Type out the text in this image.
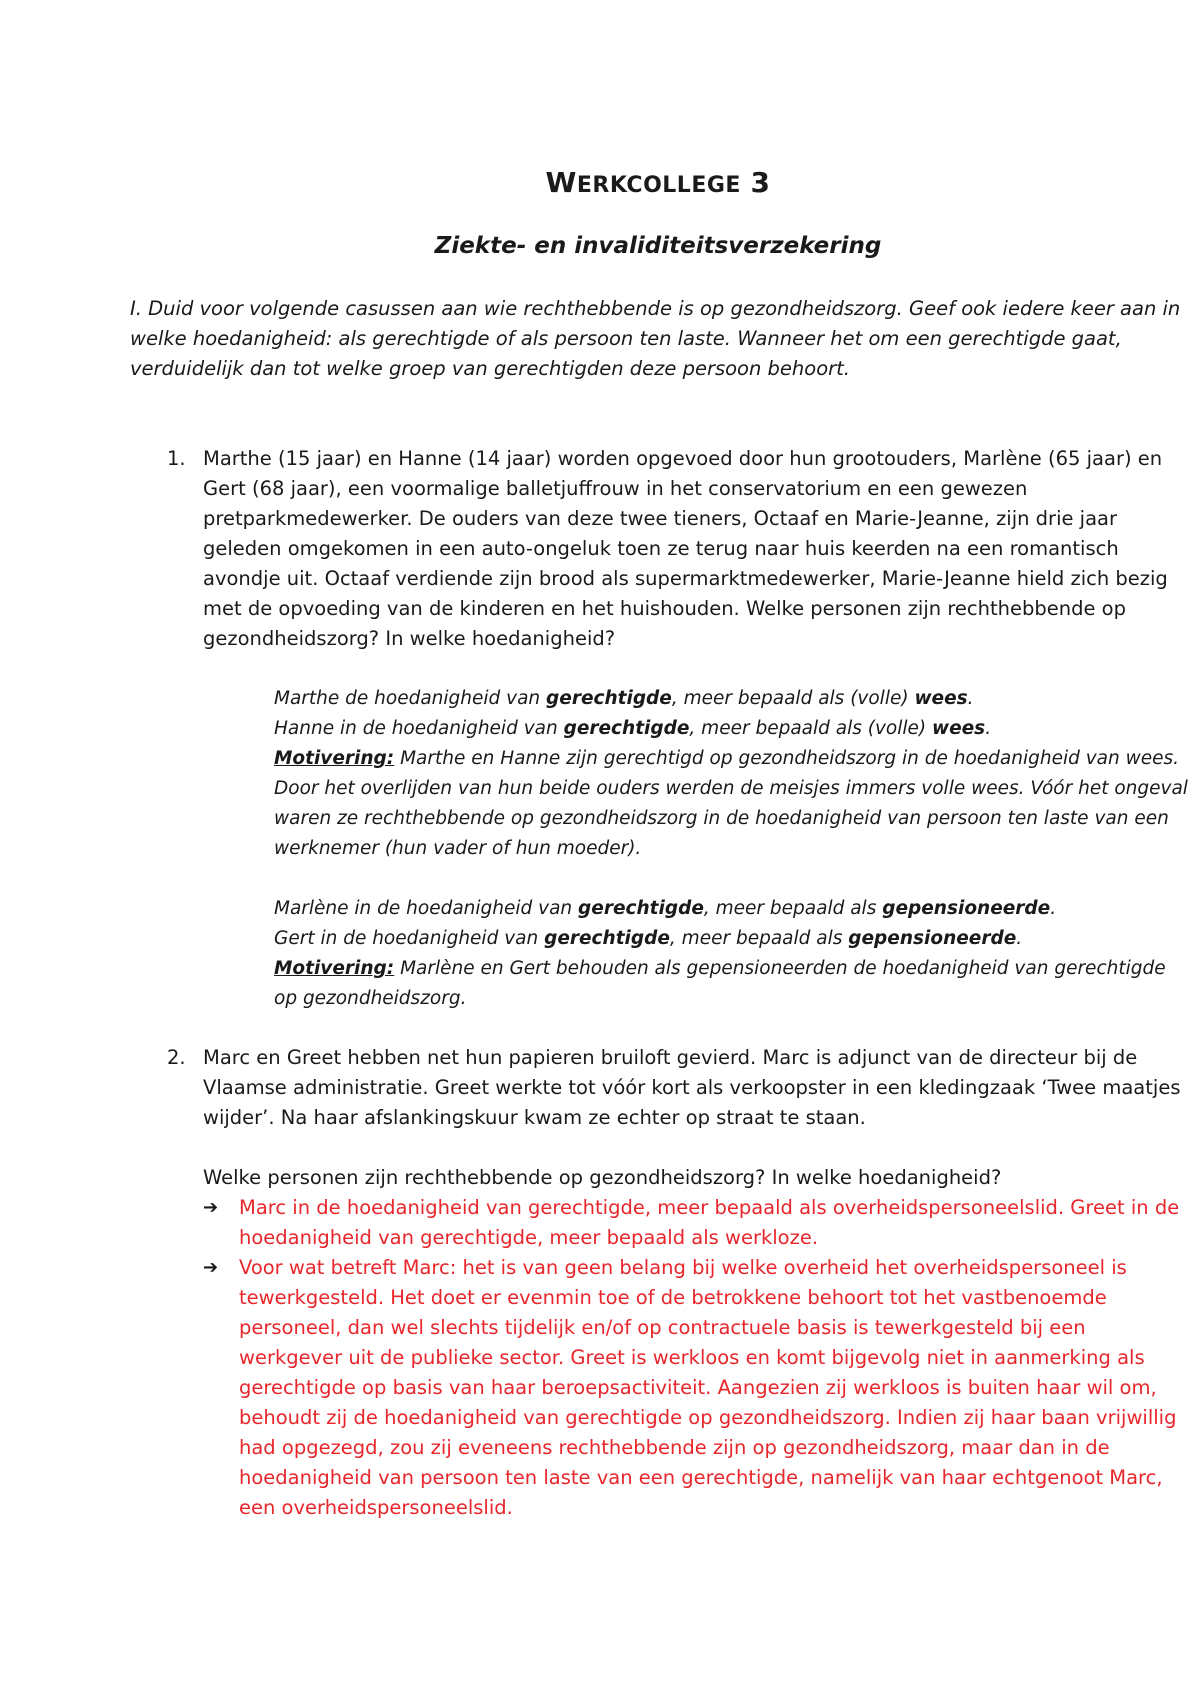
WERKCOLLEGE 3
Ziekte- en invaliditeitsverzekering

I. Duid voor volgende casussen aan wie rechthebbende is op gezondheidszorg. Geef ook iedere keer aan in welke hoedanigheid: als gerechtigde of als persoon ten laste. Wanneer het om een gerechtigde gaat, verduidelijk dan tot welke groep van gerechtigden deze persoon behoort.

1. Marthe (15 jaar) en Hanne (14 jaar) worden opgevoed door hun grootouders, Marlène (65 jaar) en Gert (68 jaar), een voormalige balletjuffrouw in het conservatorium en een gewezen pretparkmedewerker. De ouders van deze twee tieners, Octaaf en Marie-Jeanne, zijn drie jaar geleden omgekomen in een auto-ongeluk toen ze terug naar huis keerden na een romantisch avondje uit. Octaaf verdiende zijn brood als supermarktmedewerker, Marie-Jeanne hield zich bezig met de opvoeding van de kinderen en het huishouden. Welke personen zijn rechthebbende op gezondheidszorg? In welke hoedanigheid?

Marthe de hoedanigheid van gerechtigde, meer bepaald als (volle) wees.
Hanne in de hoedanigheid van gerechtigde, meer bepaald als (volle) wees.
Motivering: Marthe en Hanne zijn gerechtigd op gezondheidszorg in de hoedanigheid van wees. Door het overlijden van hun beide ouders werden de meisjes immers volle wees. Vóór het ongeval waren ze rechthebbende op gezondheidszorg in de hoedanigheid van persoon ten laste van een werknemer (hun vader of hun moeder).
Marlène in de hoedanigheid van gerechtigde, meer bepaald als gepensioneerde.
Gert in de hoedanigheid van gerechtigde, meer bepaald als gepensioneerde.
Motivering: Marlène en Gert behouden als gepensioneerden de hoedanigheid van gerechtigde op gezondheidszorg.
2. Marc en Greet hebben net hun papieren bruiloft gevierd. Marc is adjunct van de directeur bij de Vlaamse administratie. Greet werkte tot vóór kort als verkoopster in een kledingzaak ‘Twee maatjes wijder’. Na haar afslankingskuur kwam ze echter op straat te staan.

Welke personen zijn rechthebbende op gezondheidszorg? In welke hoedanigheid?

➔ Marc in de hoedanigheid van gerechtigde, meer bepaald als overheidspersoneelslid. Greet in de hoedanigheid van gerechtigde, meer bepaald als werkloze.
➔ Voor wat betreft Marc: het is van geen belang bij welke overheid het overheidspersoneel is tewerkgesteld. Het doet er evenmin toe of de betrokkene behoort tot het vastbenoemde personeel, dan wel slechts tijdelijk en/of op contractuele basis is tewerkgesteld bij een werkgever uit de publieke sector. Greet is werkloos en komt bijgevolg niet in aanmerking als gerechtigde op basis van haar beroepsactiviteit. Aangezien zij werkloos is buiten haar wil om, behoudt zij de hoedanigheid van gerechtigde op gezondheidszorg. Indien zij haar baan vrijwillig had opgezegd, zou zij eveneens rechthebbende zijn op gezondheidszorg, maar dan in de hoedanigheid van persoon ten laste van een gerechtigde, namelijk van haar echtgenoot Marc, een overheidspersoneelslid.
